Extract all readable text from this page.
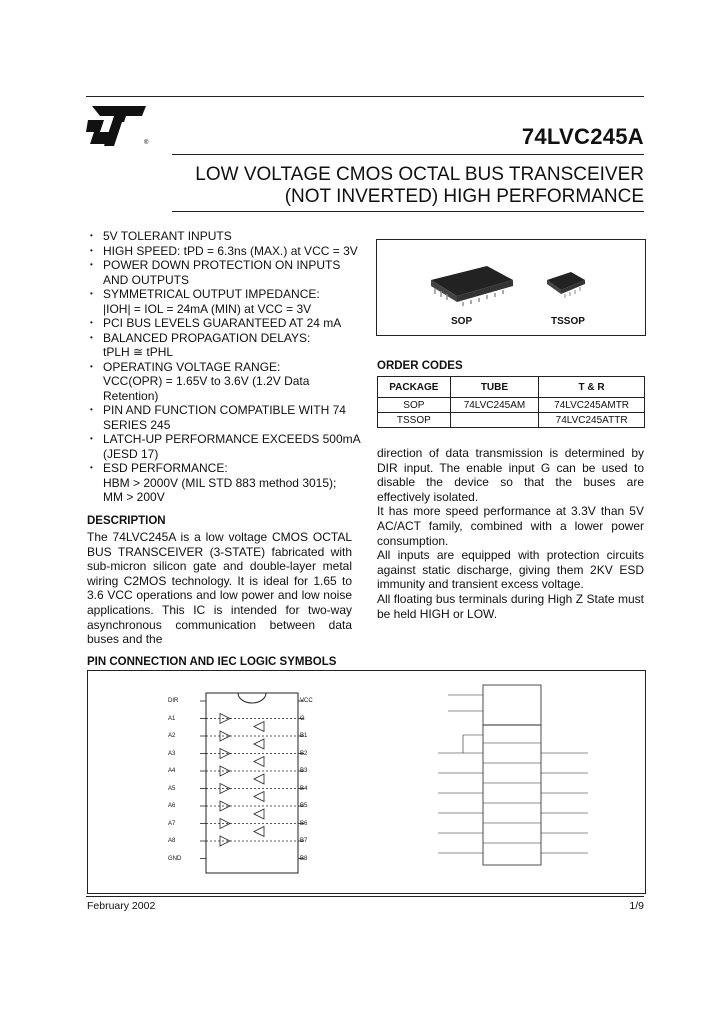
®	74LVC245A
LOW VOLTAGE CMOS OCTAL BUS TRANSCEIVER
(NOT INVERTED) HIGH PERFORMANCE
• 5V TOLERANT INPUTS
• HIGH SPEED: tPD = 6.3ns (MAX.) at VCC = 3V
• POWER DOWN PROTECTION ON INPUTS AND OUTPUTS
• SYMMETRICAL OUTPUT IMPEDANCE:
|IOH| = IOL = 24mA (MIN) at VCC = 3V
• PCI BUS LEVELS GUARANTEED AT 24 mA
• BALANCED PROPAGATION DELAYS:
tPLH ≅ tPHL
• OPERATING VOLTAGE RANGE:
VCC(OPR) = 1.65V to 3.6V (1.2V Data Retention)
• PIN AND FUNCTION COMPATIBLE WITH 74 SERIES 245
• LATCH-UP PERFORMANCE EXCEEDS 500mA (JESD 17)
• ESD PERFORMANCE:
HBM > 2000V (MIL STD 883 method 3015);
MM > 200V
SOP	TSSOP
ORDER CODES
PACKAGE	TUBE	T & R
SOP	74LVC245AM	74LVC245AMTR
TSSOP		74LVC245ATTR
DESCRIPTION
The 74LVC245A is a low voltage CMOS OCTAL BUS TRANSCEIVER (3-STATE) fabricated with sub-micron silicon gate and double-layer metal wiring C2MOS technology. It is ideal for 1.65 to 3.6 VCC operations and low power and low noise applications. This IC is intended for two-way asynchronous communication between data buses and the
direction of data transmission is determined by DIR input. The enable input G can be used to disable the device so that the buses are effectively isolated.
It has more speed performance at 3.3V than 5V AC/ACT family, combined with a lower power consumption.
All inputs are equipped with protection circuits against static discharge, giving them 2KV ESD immunity and transient excess voltage.
All floating bus terminals during High Z State must be held HIGH or LOW.
PIN CONNECTION AND IEC LOGIC SYMBOLS
DIR
A1
A2
A3
A4
A5
A6
A7
A8
GND
VCC
G
B1
B2
B3
B4
B5
B6
B7
B8
February 2002	1/9
